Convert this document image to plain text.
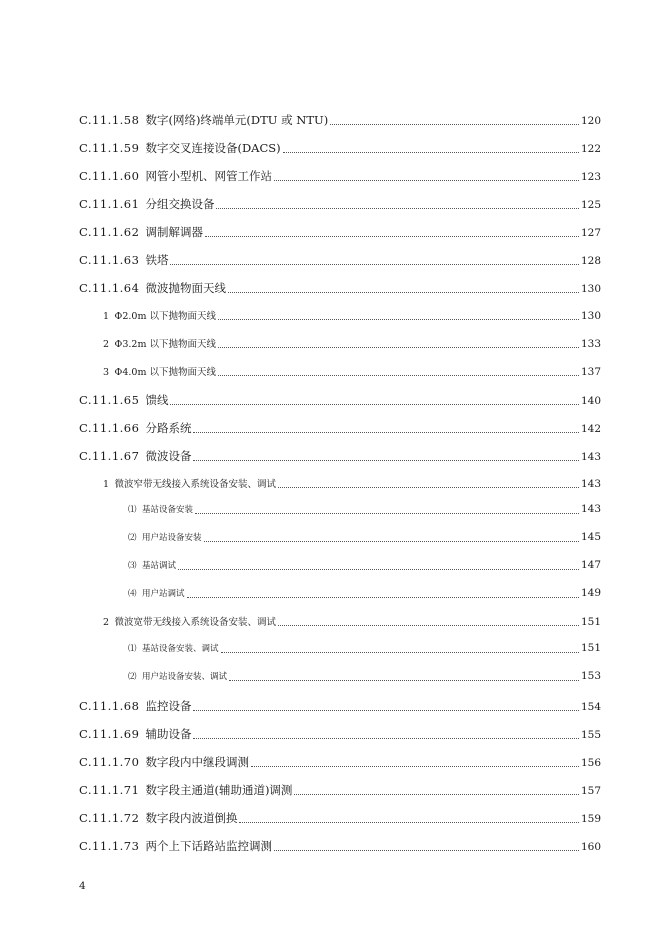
C.11.1.58 数字(网络)终端单元(DTU 或 NTU)	120
C.11.1.59 数字交叉连接设备(DACS)	122
C.11.1.60 网管小型机、网管工作站	123
C.11.1.61 分组交换设备	125
C.11.1.62 调制解调器	127
C.11.1.63 铁塔	128
C.11.1.64 微波抛物面天线	130
1 Φ2.0m 以下抛物面天线	130
2 Φ3.2m 以下抛物面天线	133
3 Φ4.0m 以下抛物面天线	137
C.11.1.65 馈线	140
C.11.1.66 分路系统	142
C.11.1.67 微波设备	143
1 微波窄带无线接入系统设备安装、调试	143
⑴ 基站设备安装	143
⑵ 用户站设备安装	145
⑶ 基站调试	147
⑷ 用户站调试	149
2 微波宽带无线接入系统设备安装、调试	151
⑴ 基站设备安装、调试	151
⑵ 用户站设备安装、调试	153
C.11.1.68 监控设备	154
C.11.1.69 辅助设备	155
C.11.1.70 数字段内中继段调测	156
C.11.1.71 数字段主通道(辅助通道)调测	157
C.11.1.72 数字段内波道倒换	159
C.11.1.73 两个上下话路站监控调测	160
4
